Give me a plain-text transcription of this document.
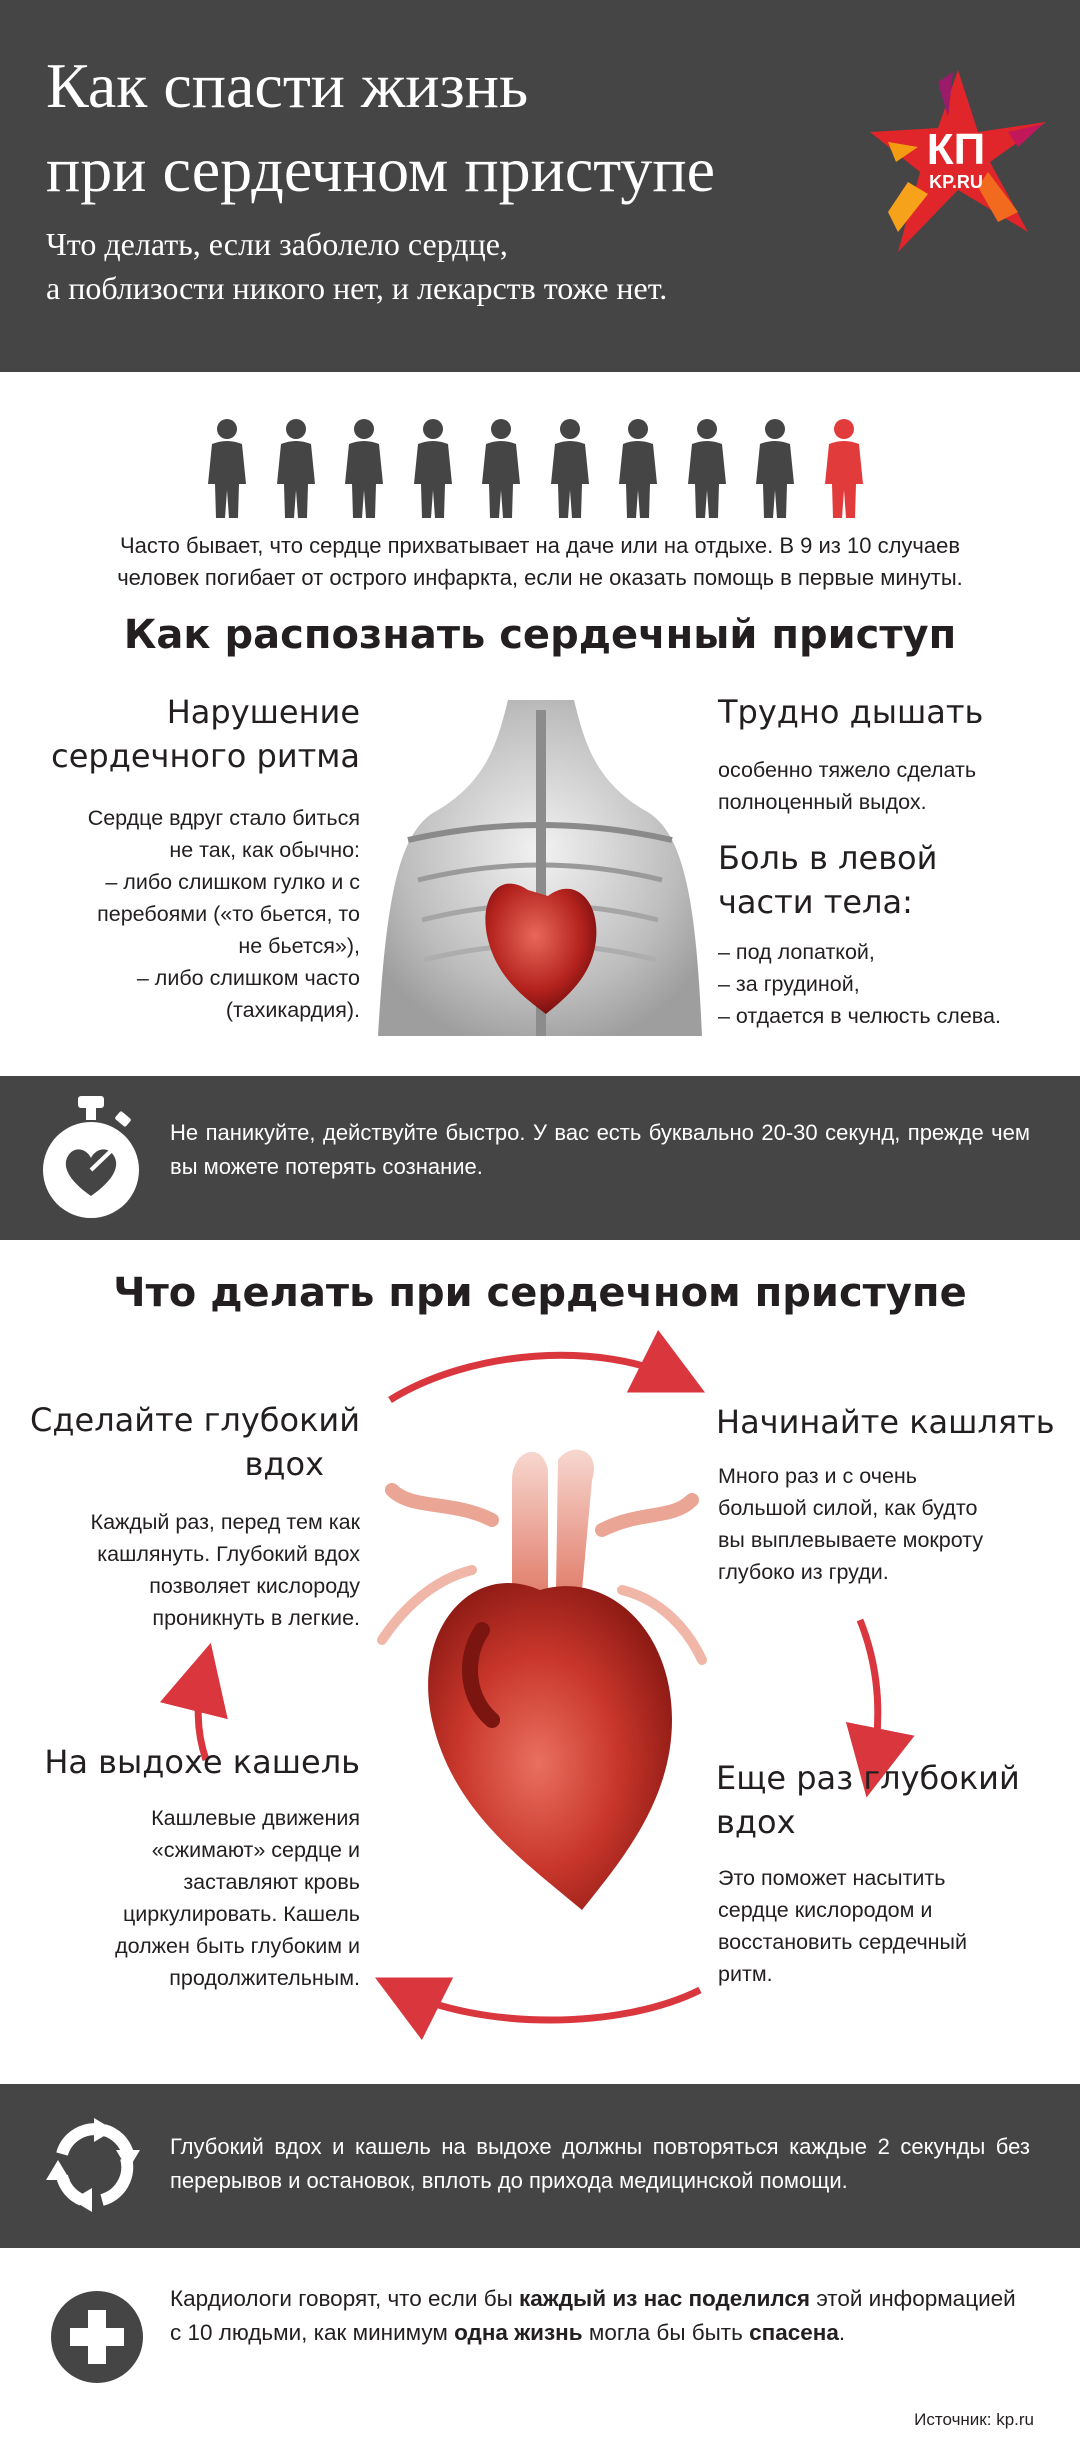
Как спасти жизнь
при сердечном приступе
Что делать, если заболело сердце,
а поблизости никого нет, и лекарств тоже нет.
КП
KP.RU
Часто бывает, что сердце прихватывает на даче или на отдыхе. В 9 из 10 случаев
человек погибает от острого инфаркта, если не оказать помощь в первые минуты.
Как распознать сердечный приступ
Нарушение
сердечного ритма
Сердце вдруг стало биться
не так, как обычно:
– либо слишком гулко и с
перебоями («то бьется, то
не бьется»),
– либо слишком часто
(тахикардия).
Трудно дышать
особенно тяжело сделать
полноценный выдох.
Боль в левой
части тела:
– под лопаткой,
– за грудиной,
– отдается в челюсть слева.
Не паникуйте, действуйте быстро. У вас есть буквально 20-30 секунд, прежде чем вы можете потерять сознание.
Что делать при сердечном приступе
Сделайте глубокий
вдох
Каждый раз, перед тем как
кашлянуть. Глубокий вдох
позволяет кислороду
проникнуть в легкие.
Начинайте кашлять
Много раз и с очень
большой силой, как будто
вы выплевываете мокроту
глубоко из груди.
Еще раз глубокий
вдох
Это поможет насытить
сердце кислородом и
восстановить сердечный
ритм.
На выдохе кашель
Кашлевые движения
«сжимают» сердце и
заставляют кровь
циркулировать. Кашель
должен быть глубоким и
продолжительным.
Глубокий вдох и кашель на выдохе должны повторяться каждые 2 секунды без перерывов и остановок, вплоть до прихода медицинской помощи.
Кардиологи говорят, что если бы каждый из нас поделился этой информацией с 10 людьми, как минимум одна жизнь могла бы быть спасена.
Источник: kp.ru
